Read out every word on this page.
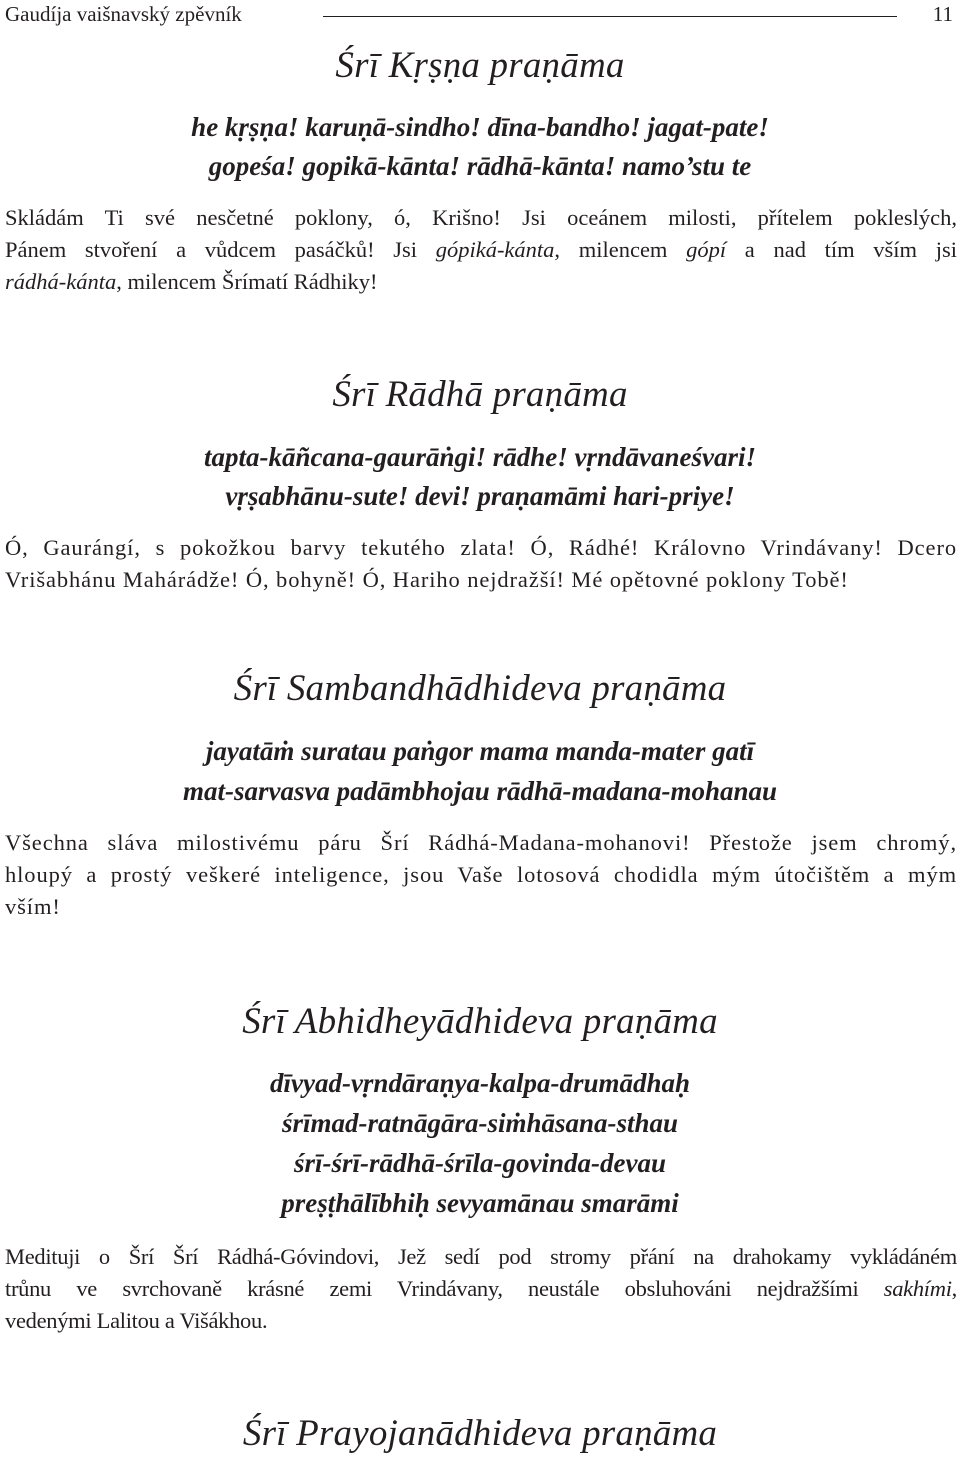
Gaudíja vaišnavský zpěvník	11
Śrī Kṛṣṇa praṇāma
he kṛṣṇa! karuṇā-sindho! dīna-bandho! jagat-pate!
gopeśa! gopikā-kānta! rādhā-kānta! namo’stu te
Skládám Ti své nesčetné poklony, ó, Krišno! Jsi oceánem milosti, přítelem pokleslých,
Pánem stvoření a vůdcem pasáčků! Jsi gópiká-kánta, milencem gópí a nad tím vším jsi
rádhá-kánta, milencem Šrímatí Rádhiky!
Śrī Rādhā praṇāma
tapta-kāñcana-gaurāṅgi! rādhe! vṛndāvaneśvari!
vṛṣabhānu-sute! devi! praṇamāmi hari-priye!
Ó, Gaurángí, s pokožkou barvy tekutého zlata! Ó, Rádhé! Královno Vrindávany! Dcero
Vrišabhánu Mahárádže! Ó, bohyně! Ó, Hariho nejdražší! Mé opětovné poklony Tobě!
Śrī Sambandhādhideva praṇāma
jayatāṁ suratau paṅgor mama manda-mater gatī
mat-sarvasva padāmbhojau rādhā-madana-mohanau
Všechna sláva milostivému páru Šrí Rádhá-Madana-mohanovi! Přestože jsem chromý,
hloupý a prostý veškeré inteligence, jsou Vaše lotosová chodidla mým útočištěm a mým
vším!
Śrī Abhidheyādhideva praṇāma
dīvyad-vṛndāraṇya-kalpa-drumādhaḥ
śrīmad-ratnāgāra-siṁhāsana-sthau
śrī-śrī-rādhā-śrīla-govinda-devau
preṣṭhālībhiḥ sevyamānau smarāmi
Medituji o Šrí Šrí Rádhá-Góvindovi, Jež sedí pod stromy přání na drahokamy vykládáném
trůnu ve svrchovaně krásné zemi Vrindávany, neustále obsluhováni nejdražšími sakhími,
vedenými Lalitou a Višákhou.
Śrī Prayojanādhideva praṇāma
